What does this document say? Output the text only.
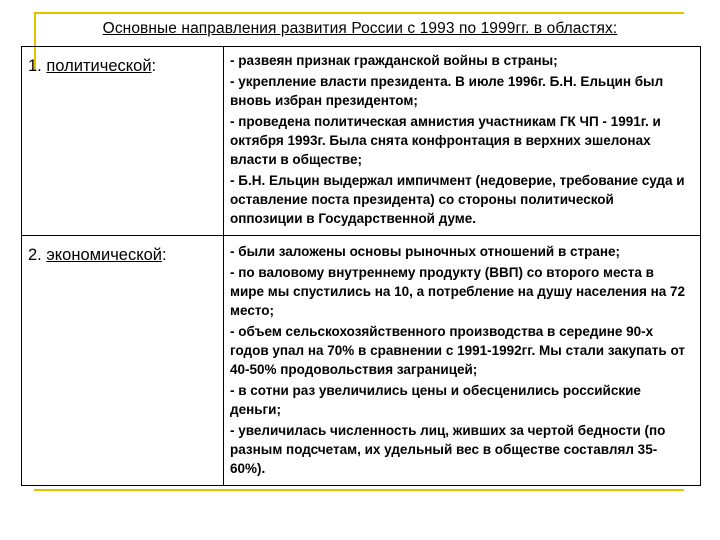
Основные направления развития России с 1993 по 1999гг. в областях:
1. политической:	- развеян признак гражданской войны в страны;

- укрепление власти президента. В июле 1996г. Б.Н. Ельцин был вновь избран президентом;

- проведена политическая амнистия участникам ГК ЧП - 1991г. и октября 1993г. Была снята конфронтация в верхних эшелонах власти в обществе;

- Б.Н. Ельцин выдержал импичмент (недоверие, требование суда и оставление поста президента) со стороны политической оппозиции в Государственной думе.

2. экономической:	- были заложены основы рыночных отношений в стране;

- по валовому внутреннему продукту (ВВП) со второго места в мире мы спустились на 10, а потребление на душу населения на 72 место;

- объем сельскохозяйственного производства в середине 90-х годов упал на 70% в сравнении с 1991-1992гг. Мы стали закупать от 40-50% продовольствия заграницей;

- в сотни раз увеличились цены и обесценились российские деньги;

- увеличилась численность лиц, живших за чертой бедности (по разным подсчетам, их удельный вес в обществе составлял 35-60%).
